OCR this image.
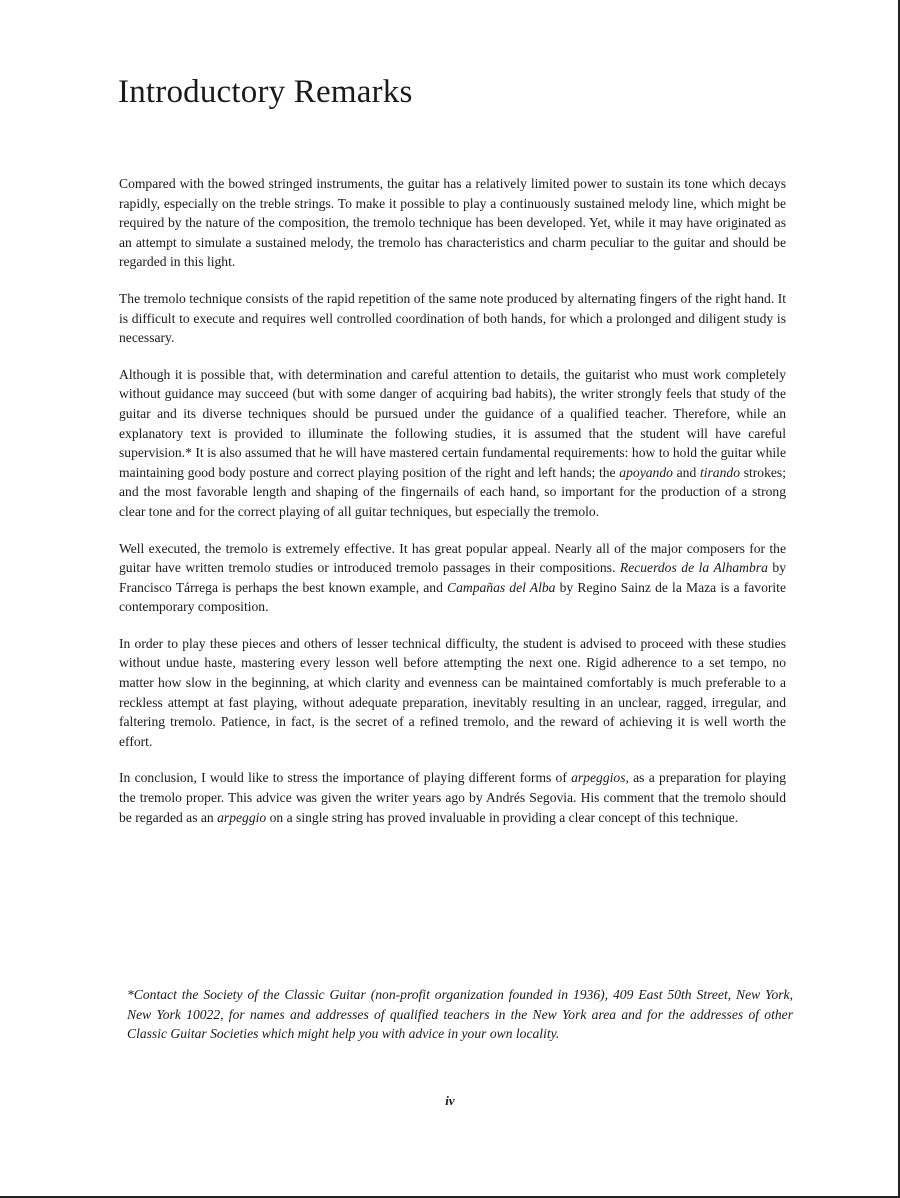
Introductory Remarks

Compared with the bowed stringed instruments, the guitar has a relatively limited power to sustain its tone which decays rapidly, especially on the treble strings. To make it possible to play a continuously sustained melody line, which might be required by the nature of the composition, the tremolo technique has been developed. Yet, while it may have originated as an attempt to simulate a sustained melody, the tremolo has characteristics and charm peculiar to the guitar and should be regarded in this light.

The tremolo technique consists of the rapid repetition of the same note produced by alternating fingers of the right hand. It is difficult to execute and requires well controlled coordination of both hands, for which a prolonged and diligent study is necessary.

Although it is possible that, with determination and careful attention to details, the guitarist who must work completely without guidance may succeed (but with some danger of acquiring bad habits), the writer strongly feels that study of the guitar and its diverse techniques should be pursued under the guidance of a qualified teacher. Therefore, while an explanatory text is provided to illuminate the following studies, it is assumed that the student will have careful supervision.* It is also assumed that he will have mastered certain fundamental requirements: how to hold the guitar while maintaining good body posture and correct playing position of the right and left hands; the apoyando and tirando strokes; and the most favorable length and shaping of the fingernails of each hand, so important for the production of a strong clear tone and for the correct playing of all guitar techniques, but especially the tremolo.

Well executed, the tremolo is extremely effective. It has great popular appeal. Nearly all of the major composers for the guitar have written tremolo studies or introduced tremolo passages in their compositions. Recuerdos de la Alhambra by Francisco Tárrega is perhaps the best known example, and Campañas del Alba by Regino Sainz de la Maza is a favorite contemporary composition.

In order to play these pieces and others of lesser technical difficulty, the student is advised to proceed with these studies without undue haste, mastering every lesson well before attempting the next one. Rigid adherence to a set tempo, no matter how slow in the beginning, at which clarity and evenness can be maintained comfortably is much preferable to a reckless attempt at fast playing, without adequate preparation, inevitably resulting in an unclear, ragged, irregular, and faltering tremolo. Patience, in fact, is the secret of a refined tremolo, and the reward of achieving it is well worth the effort.

In conclusion, I would like to stress the importance of playing different forms of arpeggios, as a preparation for playing the tremolo proper. This advice was given the writer years ago by Andrés Segovia. His comment that the tremolo should be regarded as an arpeggio on a single string has proved invaluable in providing a clear concept of this technique.

*Contact the Society of the Classic Guitar (non-profit organization founded in 1936), 409 East 50th Street, New York, New York 10022, for names and addresses of qualified teachers in the New York area and for the addresses of other Classic Guitar Societies which might help you with advice in your own locality.

iv
